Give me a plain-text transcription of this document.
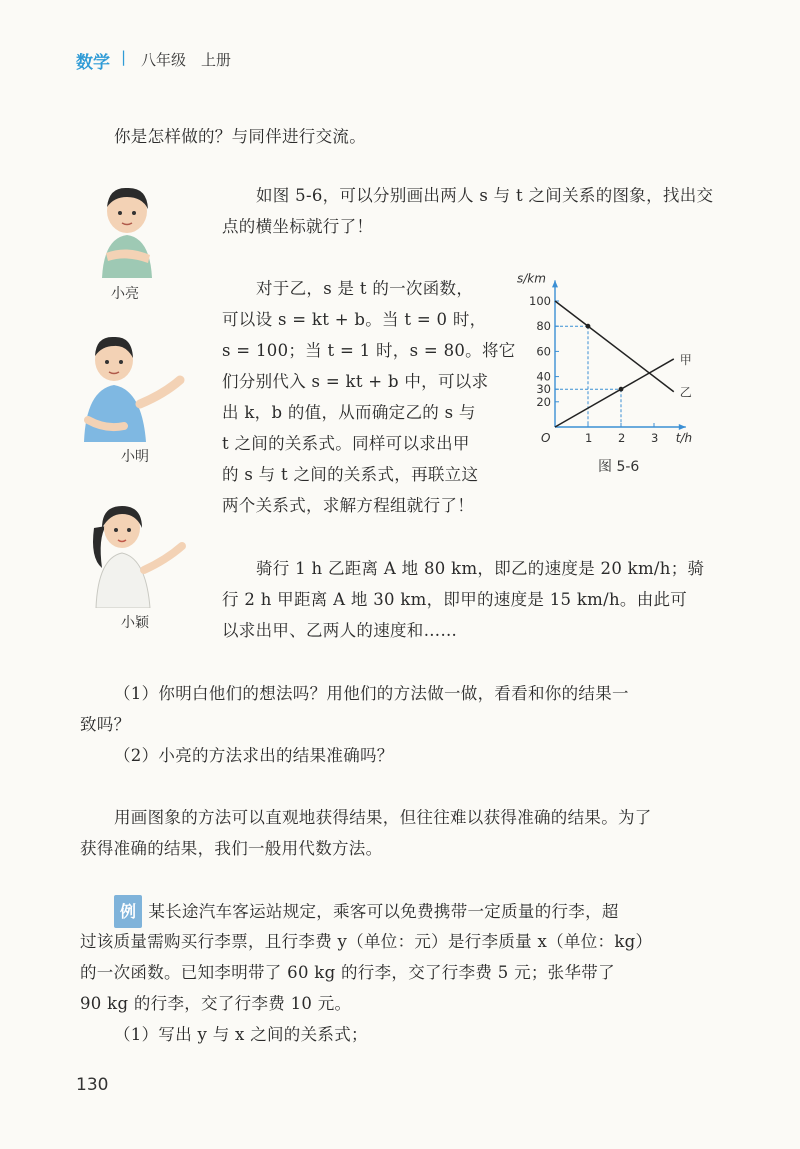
数学 | 八年级　上册
你是怎样做的？与同伴进行交流。
小亮
如图 5-6，可以分别画出两人 s 与 t 之间关系的图象，找出交点的横坐标就行了！
小明
对于乙，s 是 t 的一次函数，
可以设 s = kt + b。当 t = 0 时，
s = 100；当 t = 1 时，s = 80。将它
们分别代入 s = kt + b 中，可以求
出 k，b 的值，从而确定乙的 s 与
t 之间的关系式。同样可以求出甲
的 s 与 t 之间的关系式，再联立这
两个关系式，求解方程组就行了！
s/km
t/h
O	1 2 3
20
30
40
60
80
100
甲
乙
图 5-6
小颖
骑行 1 h 乙距离 A 地 80 km，即乙的速度是 20 km/h；骑
行 2 h 甲距离 A 地 30 km，即甲的速度是 15 km/h。由此可
以求出甲、乙两人的速度和……
（1）你明白他们的想法吗？用他们的方法做一做，看看和你的结果一
致吗？
（2）小亮的方法求出的结果准确吗？
用画图象的方法可以直观地获得结果，但往往难以获得准确的结果。为了
获得准确的结果，我们一般用代数方法。
例 某长途汽车客运站规定，乘客可以免费携带一定质量的行李，超
过该质量需购买行李票，且行李费 y（单位：元）是行李质量 x（单位：kg）
的一次函数。已知李明带了 60 kg 的行李，交了行李费 5 元；张华带了
90 kg 的行李，交了行李费 10 元。
（1）写出 y 与 x 之间的关系式；
130
